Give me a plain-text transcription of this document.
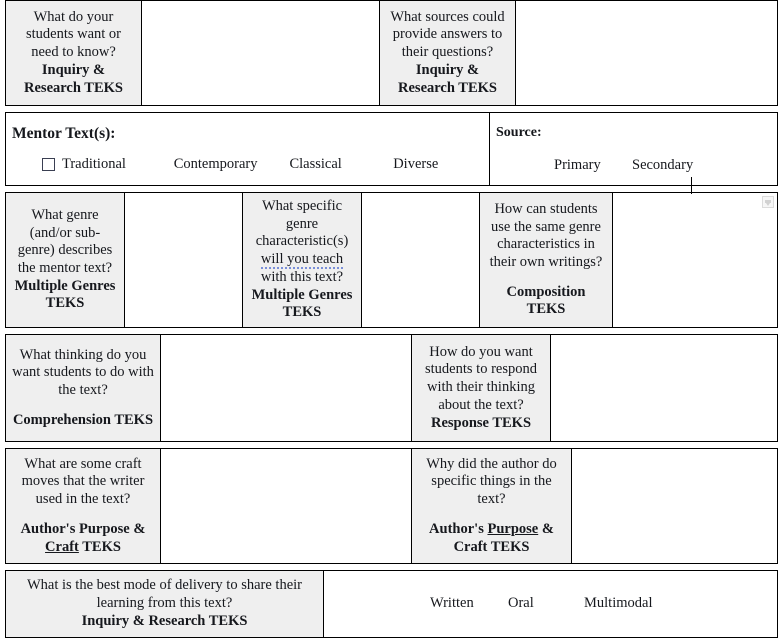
What do your students want or need to know?
Inquiry & Research TEKS
		What sources could provide answers to their questions?
Inquiry & Research TEKS

Mentor Text(s):
Traditional	Contemporary Classical	Diverse

Source:
Primary	Secondary
What genre (and/or sub-genre) describes the mentor text?
Multiple Genres TEKS
		What specific genre characteristic(s) will you teach with this text?
Multiple Genres TEKS
		How can students use the same genre characteristics in their own writings?
Composition TEKS

What thinking do you want students to do with the text?
Comprehension TEKS
		How do you want students to respond with their thinking about the text?
Response TEKS

What are some craft moves that the writer used in the text?
Author's Purpose & Craft TEKS
		Why did the author do specific things in the text?
Author's Purpose & Craft TEKS

What is the best mode of delivery to share their learning from this text?
Inquiry & Research TEKS

Written	Oral	Multimodal
